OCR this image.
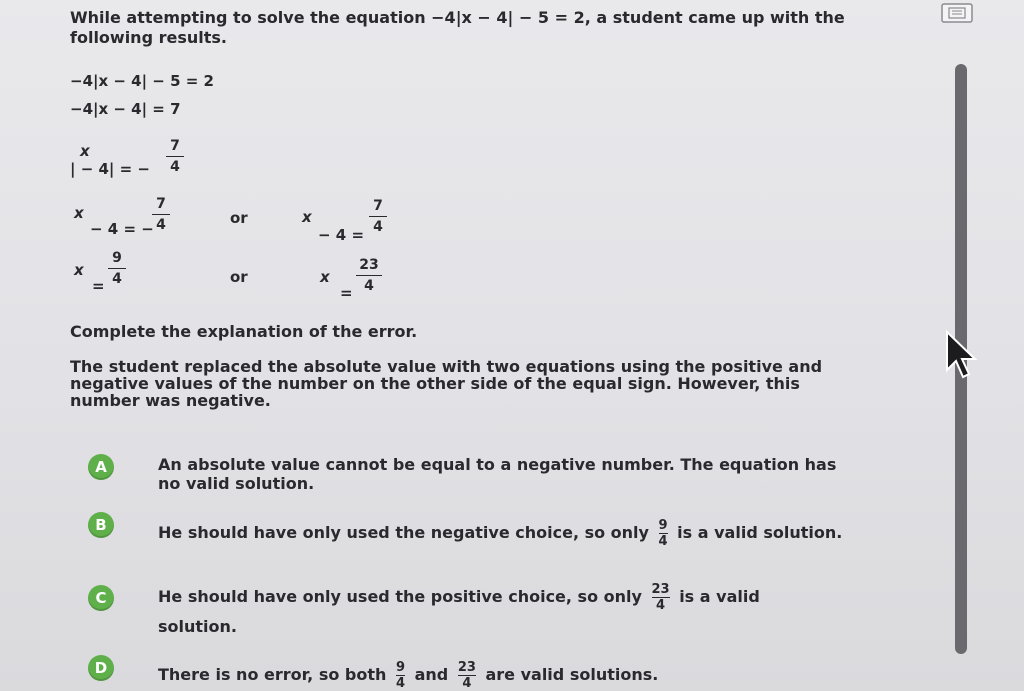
While attempting to solve the equation −4|x − 4| − 5 = 2, a student came up with the following results.
−4|x − 4| − 5 = 2
−4|x − 4| = 7
x
| − 4| = − $\frac{7}{4}$
x
− 4 = −
$\frac{7}{4}$	or	x
− $4 = \frac{7}{4}$
x
= $\frac{9}{4}$	or	x
= $\frac{23}{4}$
Complete the explanation of the error.
The student replaced the absolute value with two equations using the positive and negative values of the number on the other side of the equal sign. However, this number was negative.
A	An absolute value cannot be equal to a negative number. The equation has no valid solution.
B	He should have only used the negative choice, so only $\frac{9}{4}$ is a valid solution.
C	He should have only used the positive choice, so only $\frac{23}{4}$ is a valid
solution.
D	There is no error, so both $\frac{9}{4}$ and $\frac{23}{4}$ are valid solutions.
